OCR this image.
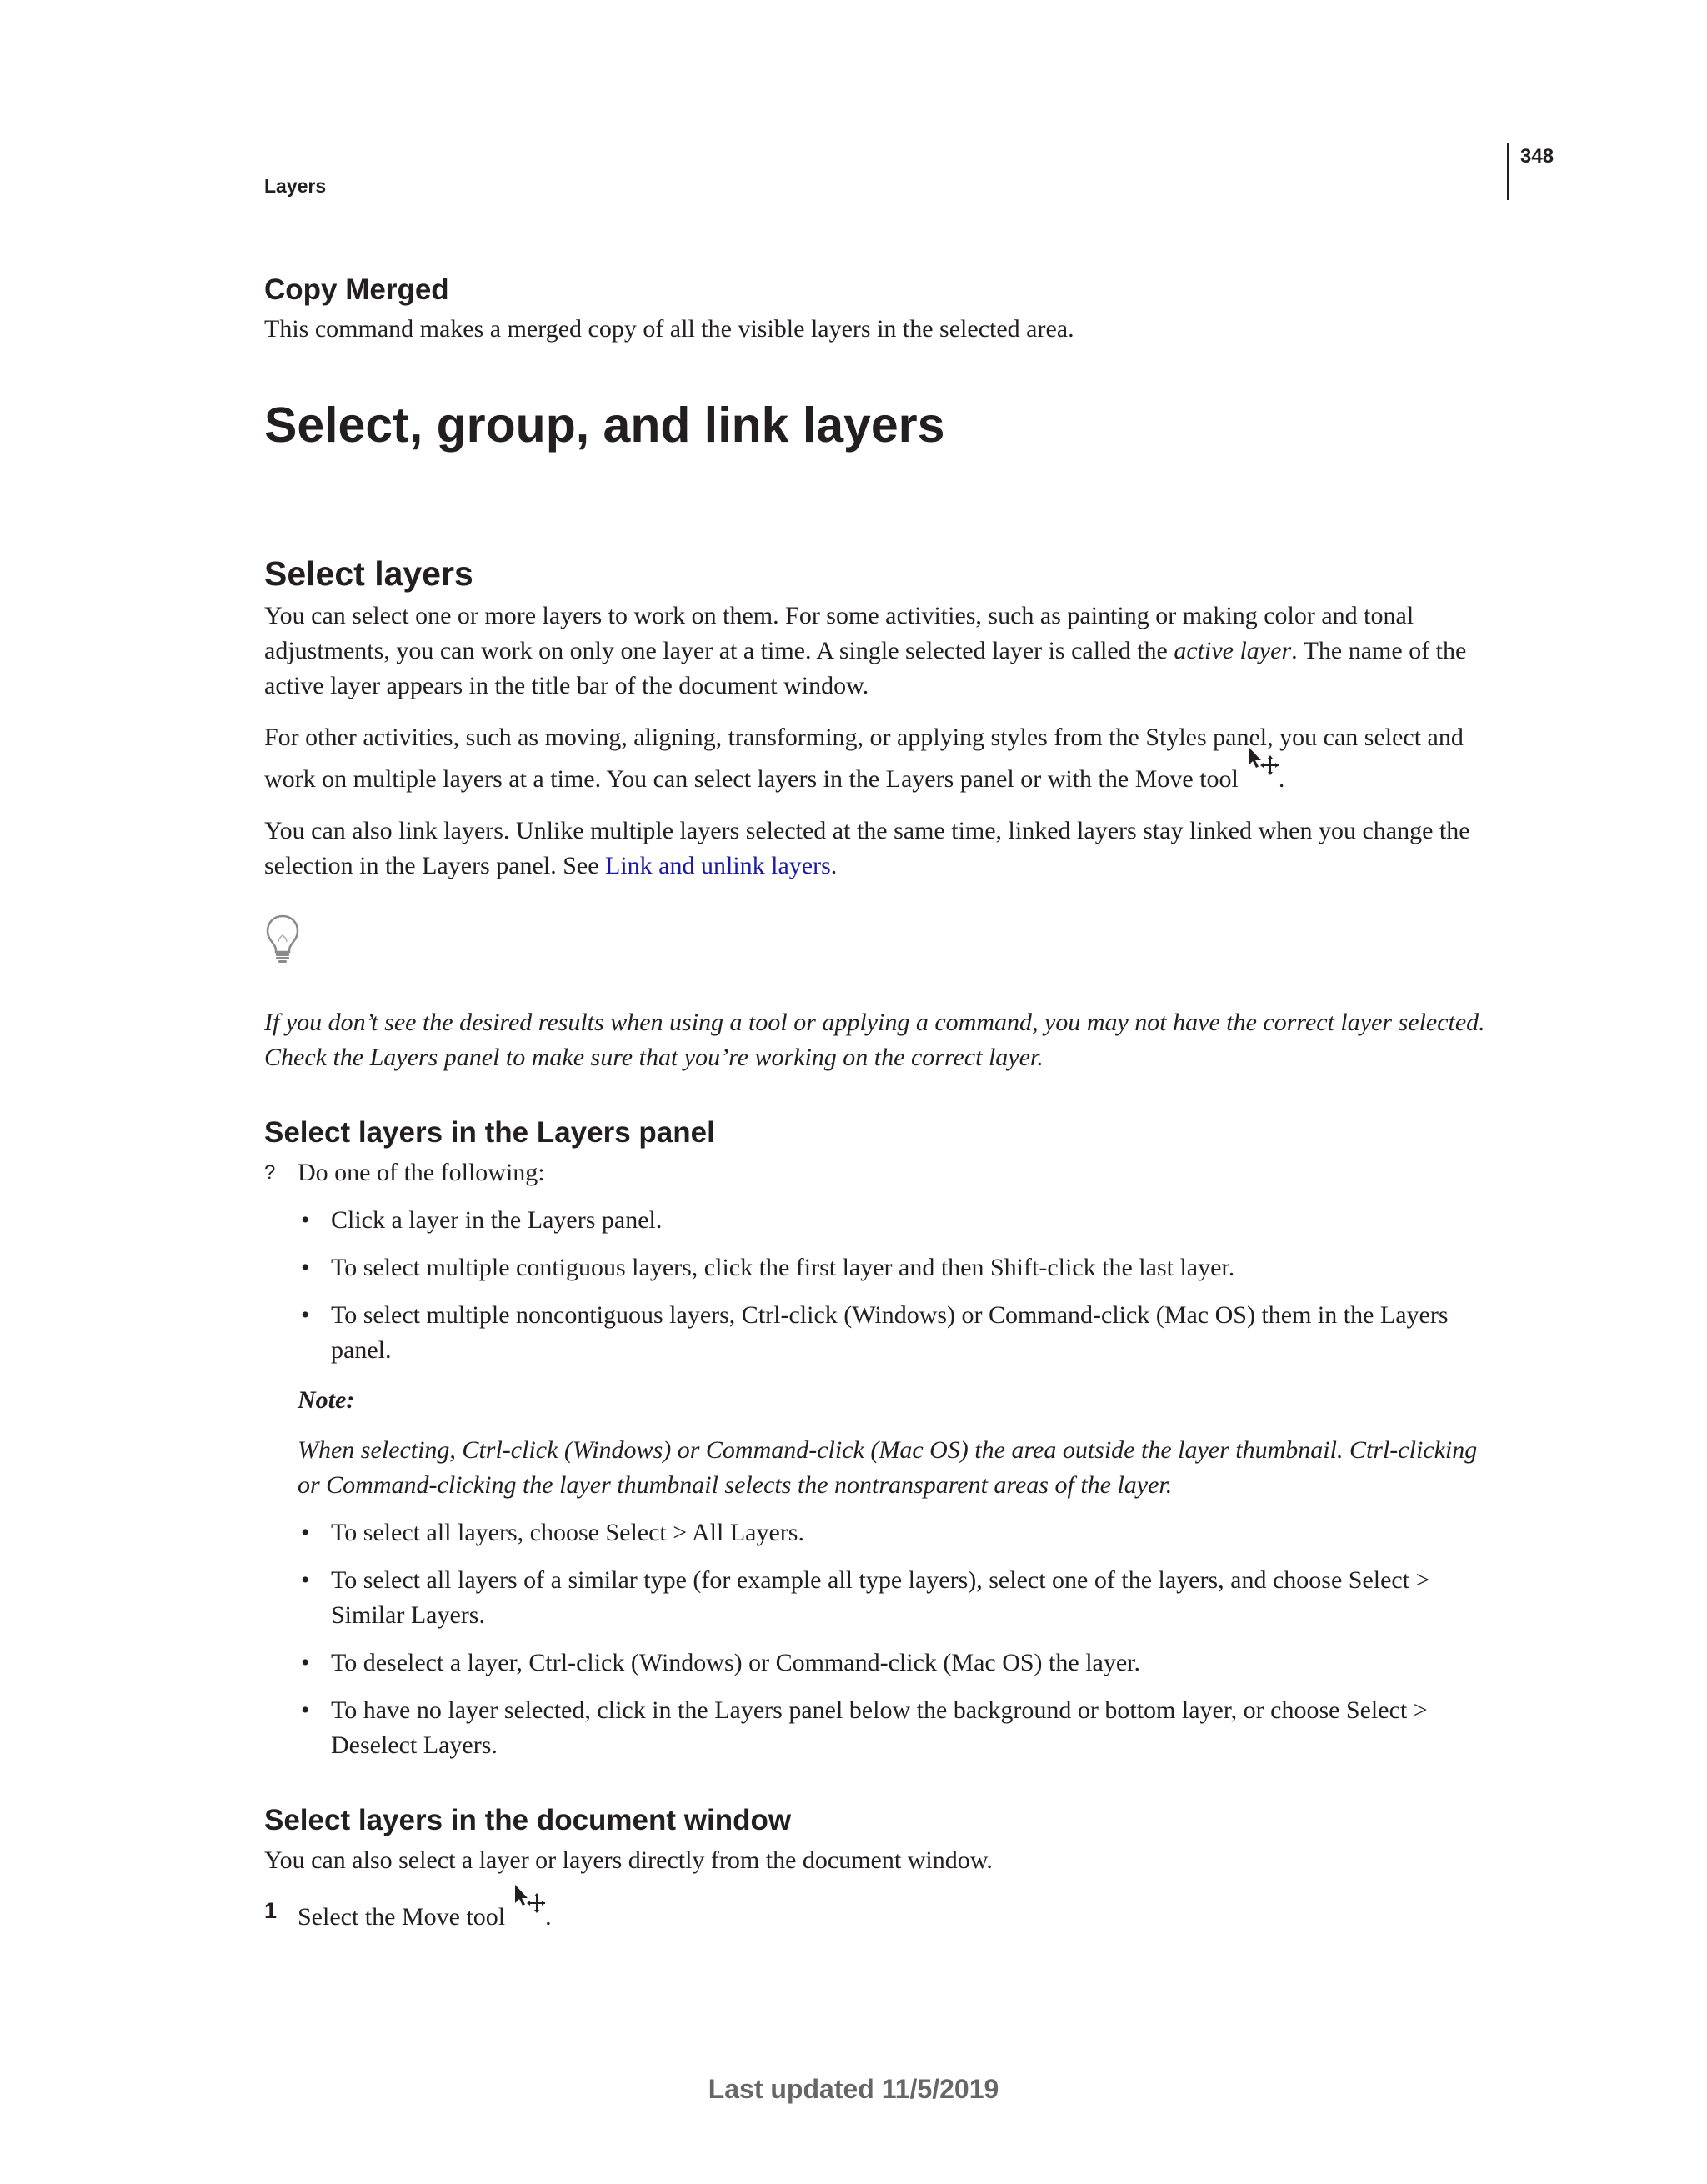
Layers
348
Copy Merged

This command makes a merged copy of all the visible layers in the selected area.

Select, group, and link layers
Select layers

You can select one or more layers to work on them. For some activities, such as painting or making color and tonal adjustments, you can work on only one layer at a time. A single selected layer is called the active layer. The name of the active layer appears in the title bar of the document window.

For other activities, such as moving, aligning, transforming, or applying styles from the Styles panel, you can select and work on multiple layers at a time. You can select layers in the Layers panel or with the Move tool .

You can also link layers. Unlike multiple layers selected at the same time, linked layers stay linked when you change the selection in the Layers panel. See Link and unlink layers.

If you don’t see the desired results when using a tool or applying a command, you may not have the correct layer selected. Check the Layers panel to make sure that you’re working on the correct layer.

Select layers in the Layers panel
? Do one of the following:
• Click a layer in the Layers panel.
• To select multiple contiguous layers, click the first layer and then Shift-click the last layer.
• To select multiple noncontiguous layers, Ctrl-click (Windows) or Command-click (Mac OS) them in the Layers panel.
Note:
When selecting, Ctrl-click (Windows) or Command-click (Mac OS) the area outside the layer thumbnail. Ctrl-clicking or Command-clicking the layer thumbnail selects the nontransparent areas of the layer.
• To select all layers, choose Select > All Layers.
• To select all layers of a similar type (for example all type layers), select one of the layers, and choose Select > Similar Layers.
• To deselect a layer, Ctrl-click (Windows) or Command-click (Mac OS) the layer.
• To have no layer selected, click in the Layers panel below the background or bottom layer, or choose Select > Deselect Layers.
Select layers in the document window

You can also select a layer or layers directly from the document window.

1 Select the Move tool .
Last updated 11/5/2019
